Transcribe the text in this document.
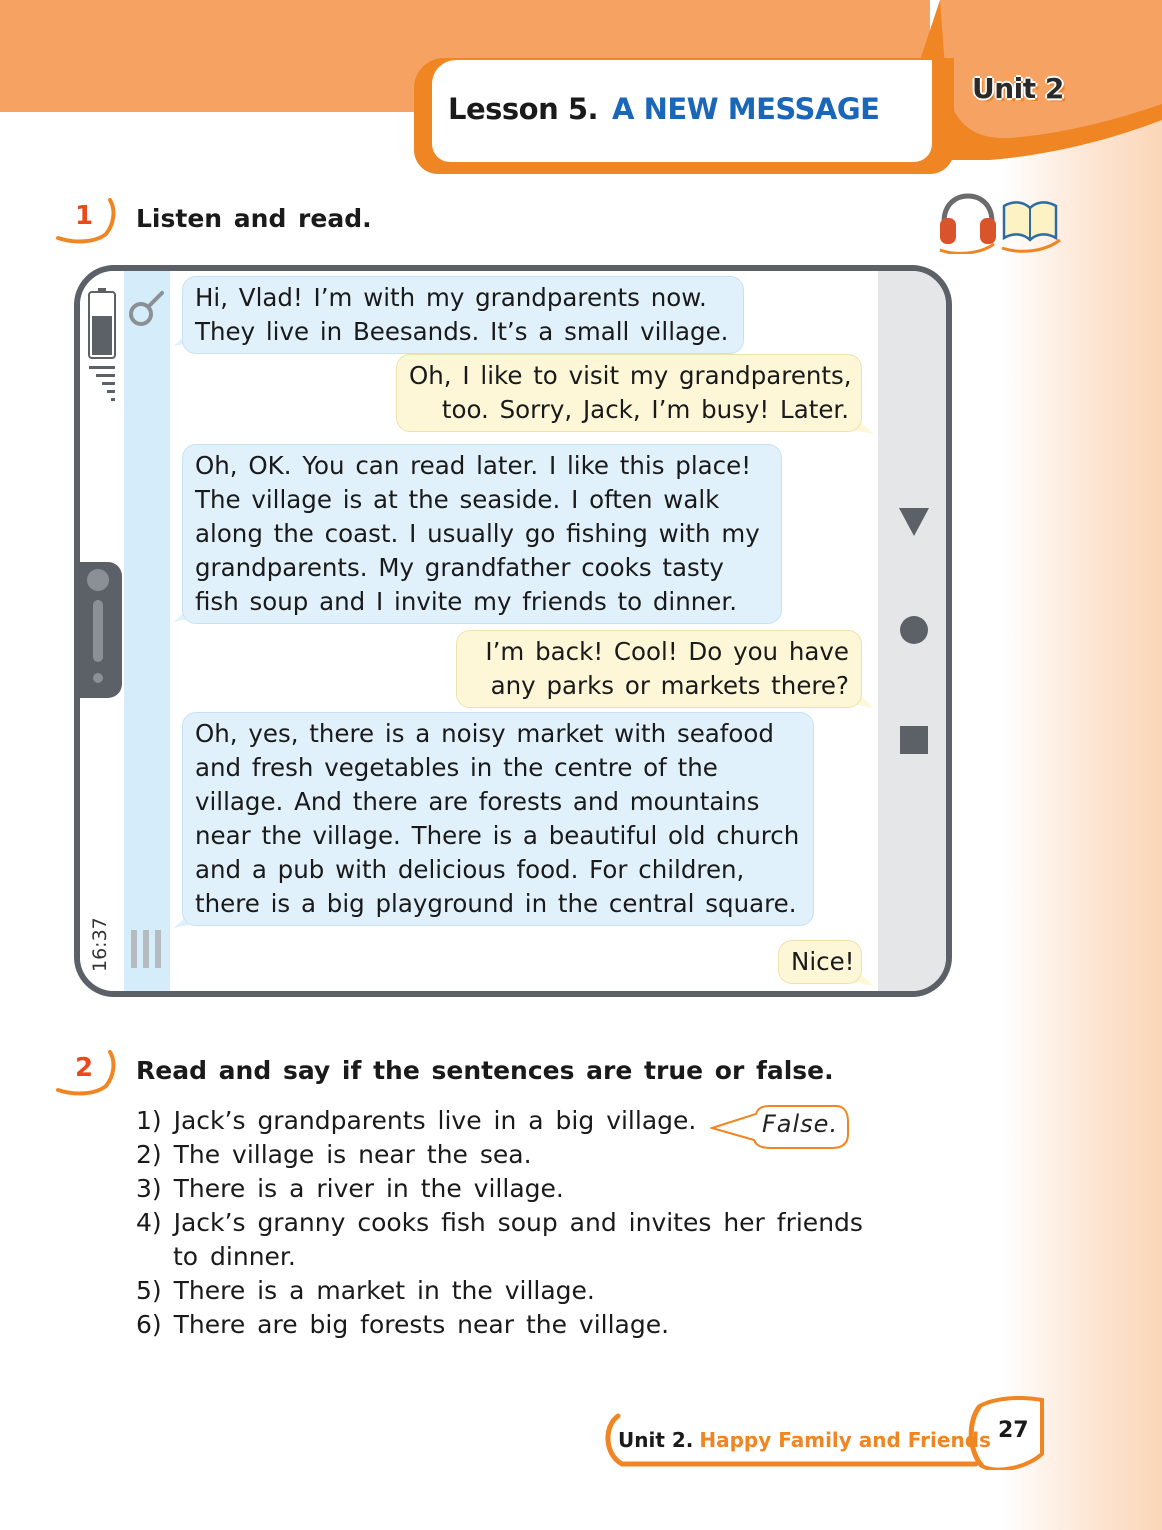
Lesson 5. A NEW MESSAGE
Unit 2
1	Listen and read.
16:37
Hi, Vlad! I’m with my grandparents now.
They live in Beesands. It’s a small village.
Oh, I like to visit my grandparents,
too. Sorry, Jack, I’m busy! Later.
Oh, OK. You can read later. I like this place!
The village is at the seaside. I often walk
along the coast. I usually go fishing with my
grandparents. My grandfather cooks tasty
fish soup and I invite my friends to dinner.
I’m back! Cool! Do you have
any parks or markets there?
Oh, yes, there is a noisy market with seafood
and fresh vegetables in the centre of the
village. And there are forests and mountains
near the village. There is a beautiful old church
and a pub with delicious food. For children,
there is a big playground in the central square.
Nice!
2	Read and say if the sentences are true or false.
1) Jack’s grandparents live in a big village.
2) The village is near the sea.
3) There is a river in the village.
4) Jack’s granny cooks fish soup and invites her friends
to dinner.
5) There is a market in the village.
6) There are big forests near the village.
False.
Unit 2. Happy Family and Friends 27
